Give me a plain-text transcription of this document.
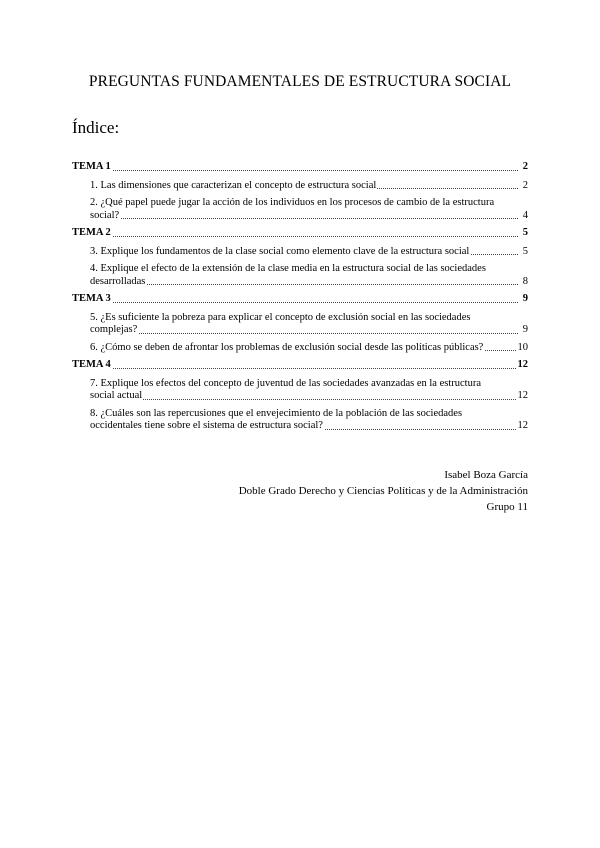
PREGUNTAS FUNDAMENTALES DE ESTRUCTURA SOCIAL
Índice:
TEMA 1	2
1. Las dimensiones que caracterizan el concepto de estructura social	2
2. ¿Qué papel puede jugar la acción de los individuos en los procesos de cambio de la estructura
social?	4
TEMA 2	5
3. Explique los fundamentos de la clase social como elemento clave de la estructura social	5
4. Explique el efecto de la extensión de la clase media en la estructura social de las sociedades
desarrolladas	8
TEMA 3	9
5. ¿Es suficiente la pobreza para explicar el concepto de exclusión social en las sociedades
complejas?	9
6. ¿Cómo se deben de afrontar los problemas de exclusión social desde las políticas públicas?	10
TEMA 4	12
7. Explique los efectos del concepto de juventud de las sociedades avanzadas en la estructura
social actual	12
8. ¿Cuáles son las repercusiones que el envejecimiento de la población de las sociedades
occidentales tiene sobre el sistema de estructura social?	12
Isabel Boza García
Doble Grado Derecho y Ciencias Políticas y de la Administración
Grupo 11
